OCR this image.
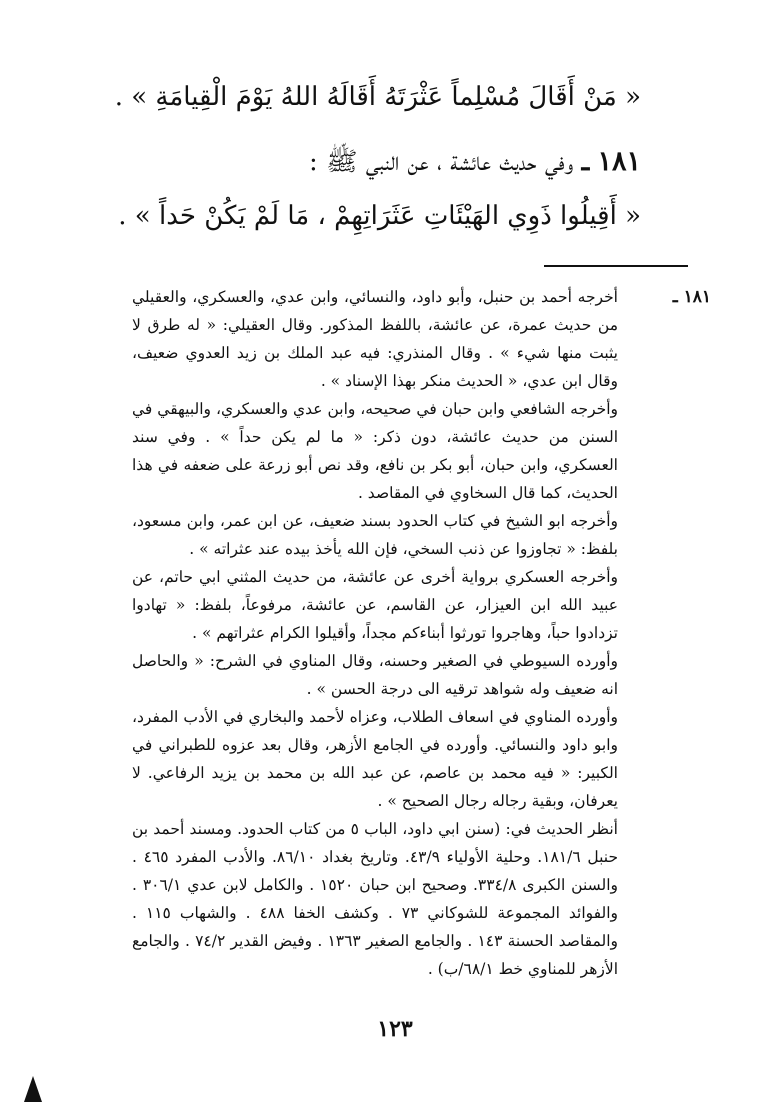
« مَنْ أَقَالَ مُسْلِماً عَثْرَتَهُ أَقَالَهُ اللهُ يَوْمَ الْقِيامَةِ » .
١٨١ ـ وفي حديث عائشة ، عن النبي ﷺ :
« أَقِيلُوا ذَوِي الهَيْئَاتِ عَثَرَاتِهِمْ ، مَا لَمْ يَكُنْ حَداً » .
١٨١ ـ

أخرجه أحمد بن حنبل، وأبو داود، والنسائي، وابن عدي، والعسكري، والعقيلي من حديث عمرة، عن عائشة، باللفظ المذكور. وقال العقيلي: « له طرق لا يثبت منها شيء » . وقال المنذري: فيه عبد الملك بن زيد العدوي ضعيف، وقال ابن عدي، « الحديث منكر بهذا الإسناد » .

وأخرجه الشافعي وابن حبان في صحيحه، وابن عدي والعسكري، والبيهقي في السنن من حديث عائشة، دون ذكر: « ما لم يكن حداً » . وفي سند العسكري، وابن حبان، أبو بكر بن نافع، وقد نص أبو زرعة على ضعفه في هذا الحديث، كما قال السخاوي في المقاصد .

وأخرجه ابو الشيخ في كتاب الحدود بسند ضعيف، عن ابن عمر، وابن مسعود، بلفظ: « تجاوزوا عن ذنب السخي، فإن الله يأخذ بيده عند عثراته » .

وأخرجه العسكري برواية أخرى عن عائشة، من حديث المثني ابي حاتم، عن عبيد الله ابن العيزار، عن القاسم، عن عائشة، مرفوعاً، بلفظ: « تهادوا تزدادوا حباً، وهاجروا تورثوا أبناءكم مجداً، وأقيلوا الكرام عثراتهم » .

وأورده السيوطي في الصغير وحسنه، وقال المناوي في الشرح: « والحاصل انه ضعيف وله شواهد ترقيه الى درجة الحسن » .

وأورده المناوي في اسعاف الطلاب، وعزاه لأحمد والبخاري في الأدب المفرد، وابو داود والنسائي. وأورده في الجامع الأزهر، وقال بعد عزوه للطبراني في الكبير: « فيه محمد بن عاصم، عن عبد الله بن محمد بن يزيد الرفاعي. لا يعرفان، وبقية رجاله رجال الصحيح » .

أنظر الحديث في: (سنن ابي داود، الباب ٥ من كتاب الحدود. ومسند أحمد بن حنبل ١٨١/٦. وحلية الأولياء ٤٣/٩. وتاريخ بغداد ٨٦/١٠. والأدب المفرد ٤٦٥ . والسنن الكبرى ٣٣٤/٨. وصحيح ابن حبان ١٥٢٠ . والكامل لابن عدي ٣٠٦/١ . والفوائد المجموعة للشوكاني ٧٣ . وكشف الخفا ٤٨٨ . والشهاب ١١٥ . والمقاصد الحسنة ١٤٣ . والجامع الصغير ١٣٦٣ . وفيض القدير ٧٤/٢ . والجامع الأزهر للمناوي خط ٦٨/١/ب) .

١٢٣
